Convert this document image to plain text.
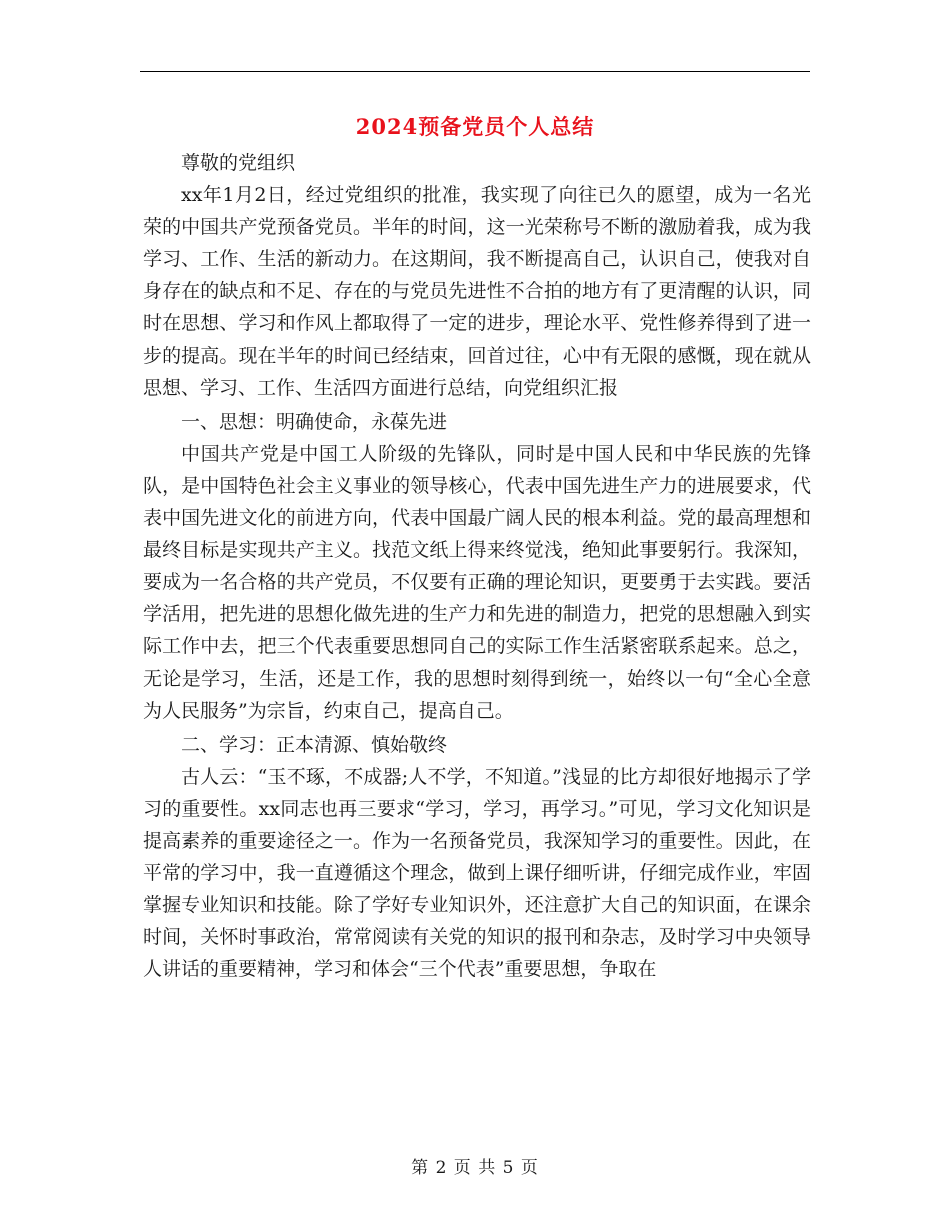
2024预备党员个人总结

尊敬的党组织

xx年1月2日，经过党组织的批准，我实现了向往已久的愿望，成为一名光荣的中国共产党预备党员。半年的时间，这一光荣称号不断的激励着我，成为我学习、工作、生活的新动力。在这期间，我不断提高自己，认识自己，使我对自身存在的缺点和不足、存在的与党员先进性不合拍的地方有了更清醒的认识，同时在思想、学习和作风上都取得了一定的进步，理论水平、党性修养得到了进一步的提高。现在半年的时间已经结束，回首过往，心中有无限的感慨，现在就从思想、学习、工作、生活四方面进行总结，向党组织汇报

一、思想：明确使命，永葆先进

中国共产党是中国工人阶级的先锋队，同时是中国人民和中华民族的先锋队，是中国特色社会主义事业的领导核心，代表中国先进生产力的进展要求，代表中国先进文化的前进方向，代表中国最广阔人民的根本利益。党的最高理想和最终目标是实现共产主义。找范文纸上得来终觉浅，绝知此事要躬行。我深知，要成为一名合格的共产党员，不仅要有正确的理论知识，更要勇于去实践。要活学活用，把先进的思想化做先进的生产力和先进的制造力，把党的思想融入到实际工作中去，把三个代表重要思想同自己的实际工作生活紧密联系起来。总之，无论是学习，生活，还是工作，我的思想时刻得到统一，始终以一句“全心全意为人民服务”为宗旨，约束自己，提高自己。

二、学习：正本清源、慎始敬终

古人云：“玉不琢，不成器;人不学，不知道。”浅显的比方却很好地揭示了学习的重要性。xx同志也再三要求“学习，学习，再学习。”可见，学习文化知识是提高素养的重要途径之一。作为一名预备党员，我深知学习的重要性。因此，在平常的学习中，我一直遵循这个理念，做到上课仔细听讲，仔细完成作业，牢固掌握专业知识和技能。除了学好专业知识外，还注意扩大自己的知识面，在课余时间，关怀时事政治，常常阅读有关党的知识的报刊和杂志，及时学习中央领导人讲话的重要精神，学习和体会“三个代表”重要思想，争取在

第 2 页 共 5 页
